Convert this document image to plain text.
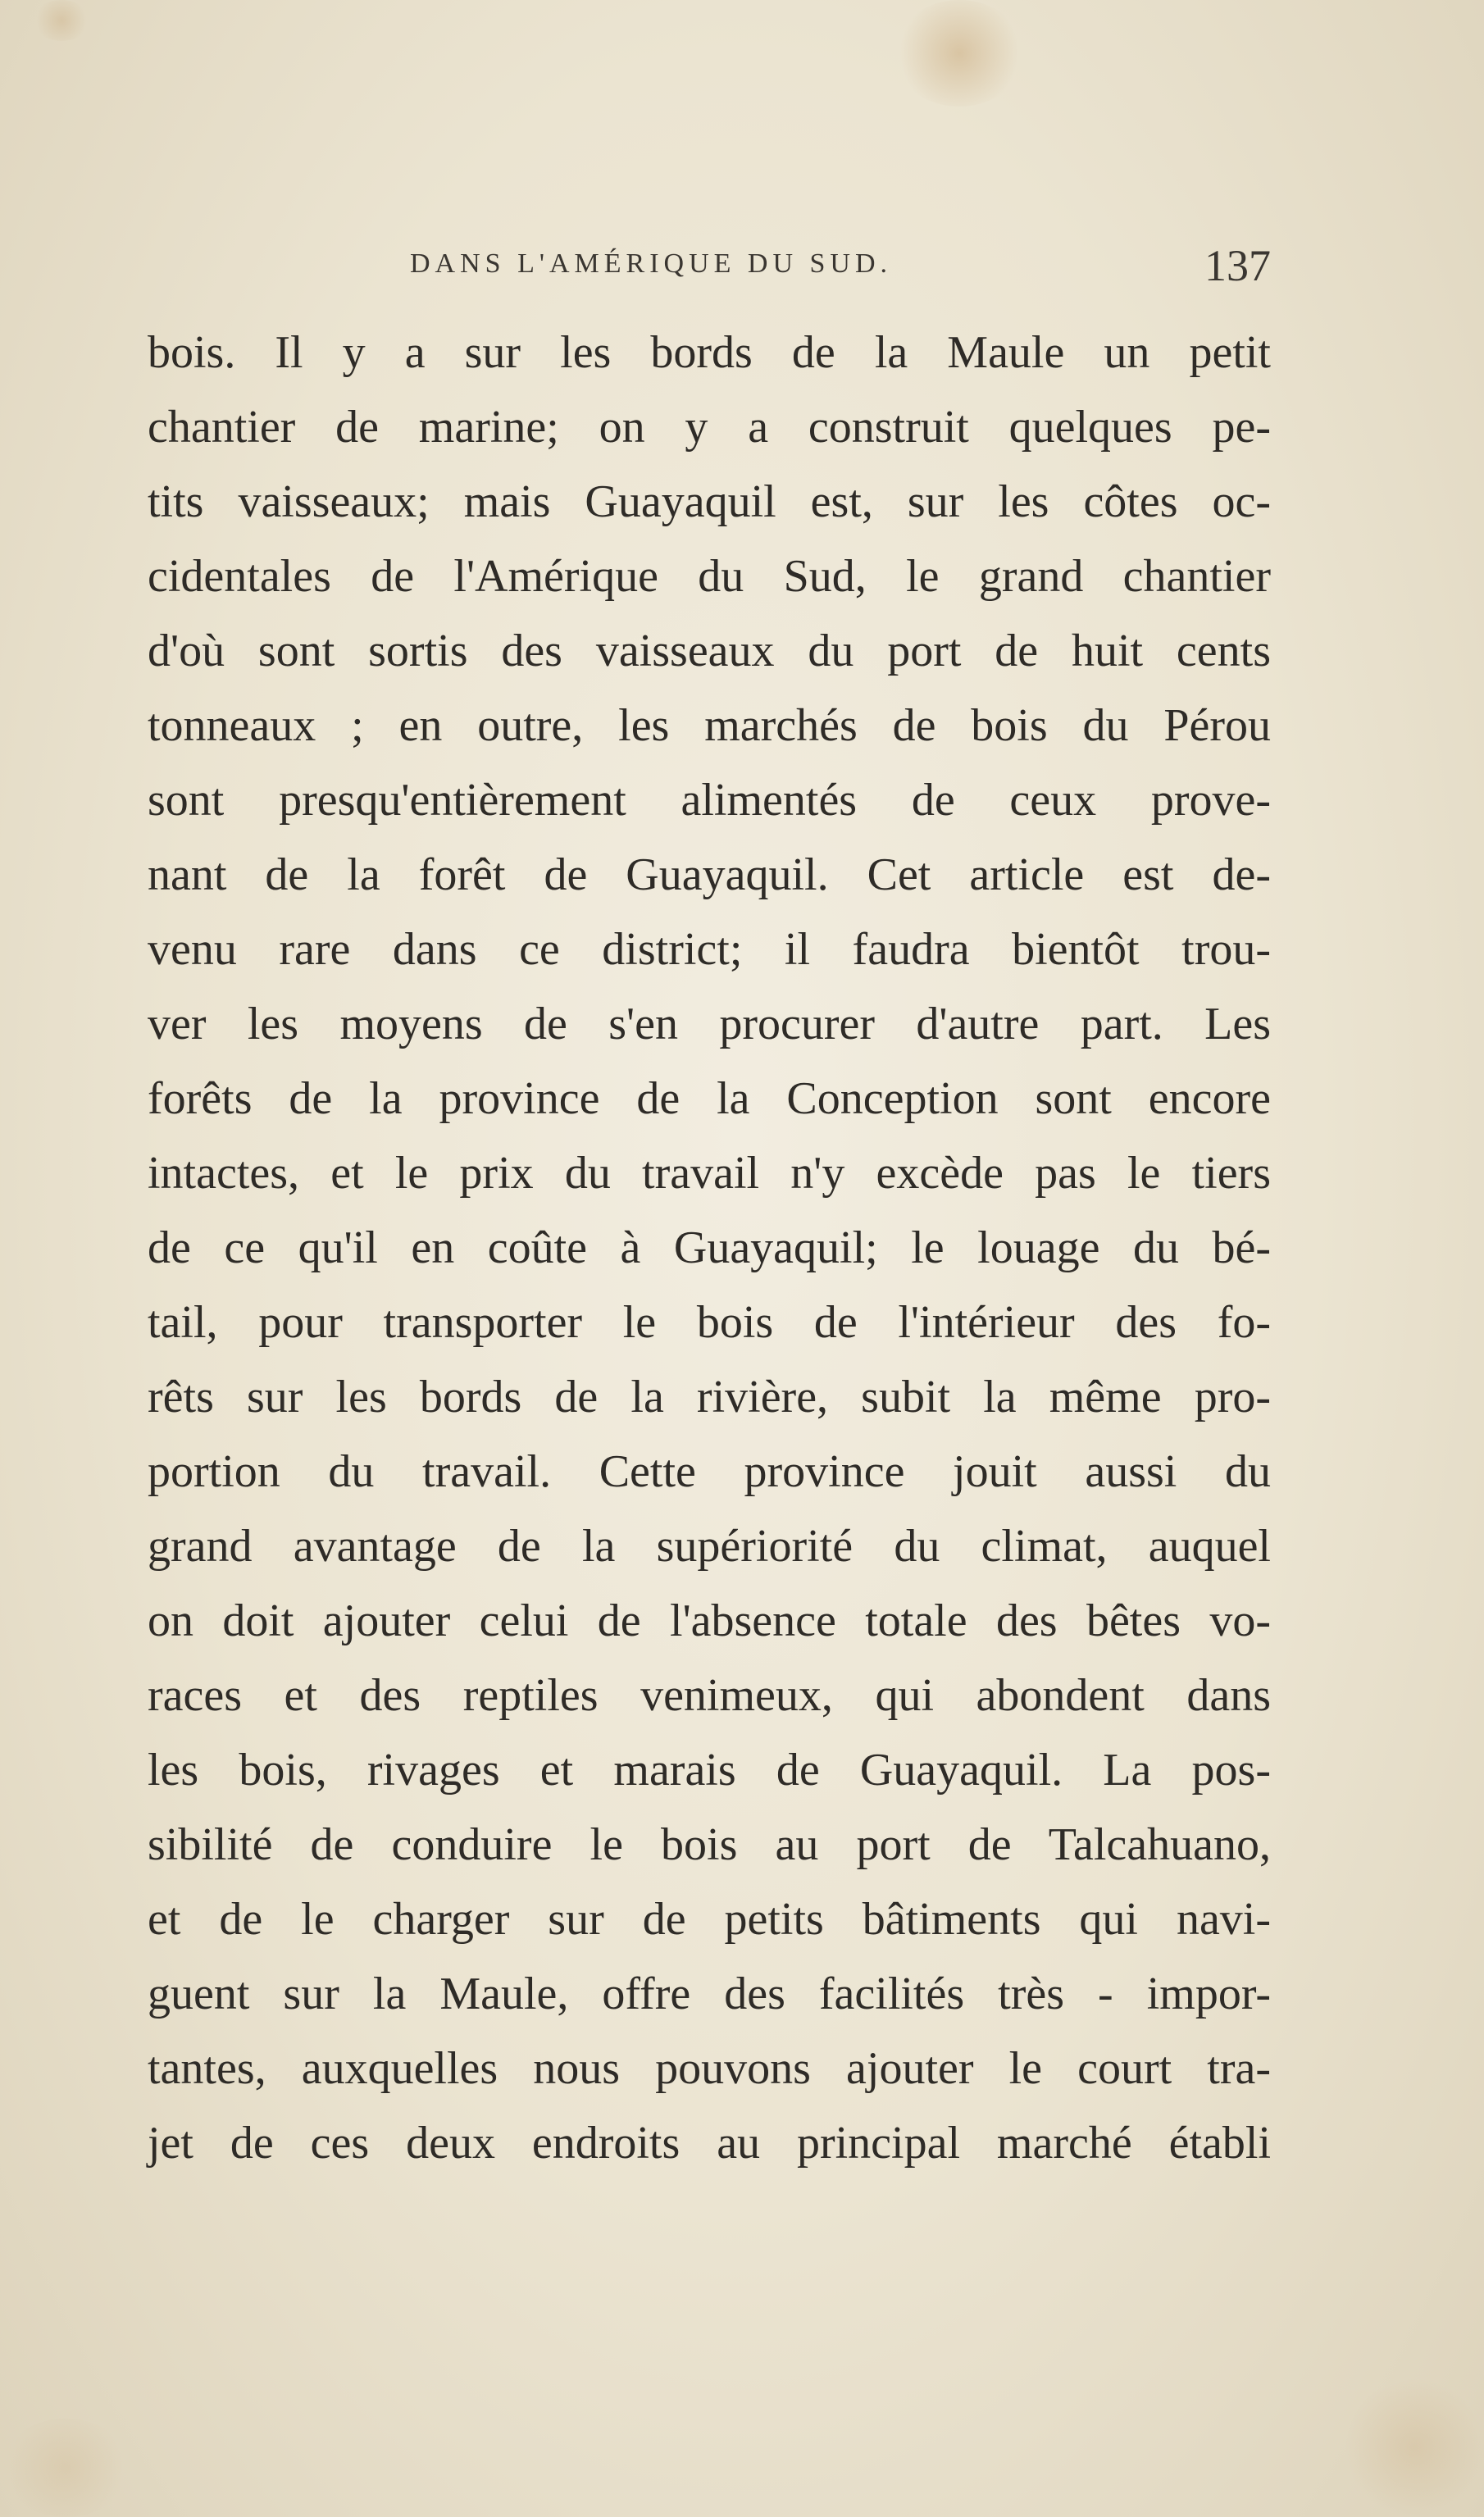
DANS L'AMÉRIQUE DU SUD.	137
bois. Il y a sur les bords de la Maule un petit
chantier de marine; on y a construit quelques pe-
tits vaisseaux; mais Guayaquil est, sur les côtes oc-
cidentales de l'Amérique du Sud, le grand chantier
d'où sont sortis des vaisseaux du port de huit cents
tonneaux ; en outre, les marchés de bois du Pérou
sont presqu'entièrement alimentés de ceux prove-
nant de la forêt de Guayaquil. Cet article est de-
venu rare dans ce district; il faudra bientôt trou-
ver les moyens de s'en procurer d'autre part. Les
forêts de la province de la Conception sont encore
intactes, et le prix du travail n'y excède pas le tiers
de ce qu'il en coûte à Guayaquil; le louage du bé-
tail, pour transporter le bois de l'intérieur des fo-
rêts sur les bords de la rivière, subit la même pro-
portion du travail. Cette province jouit aussi du
grand avantage de la supériorité du climat, auquel
on doit ajouter celui de l'absence totale des bêtes vo-
races et des reptiles venimeux, qui abondent dans
les bois, rivages et marais de Guayaquil. La pos-
sibilité de conduire le bois au port de Talcahuano,
et de le charger sur de petits bâtiments qui navi-
guent sur la Maule, offre des facilités très - impor-
tantes, auxquelles nous pouvons ajouter le court tra-
jet de ces deux endroits au principal marché établi
